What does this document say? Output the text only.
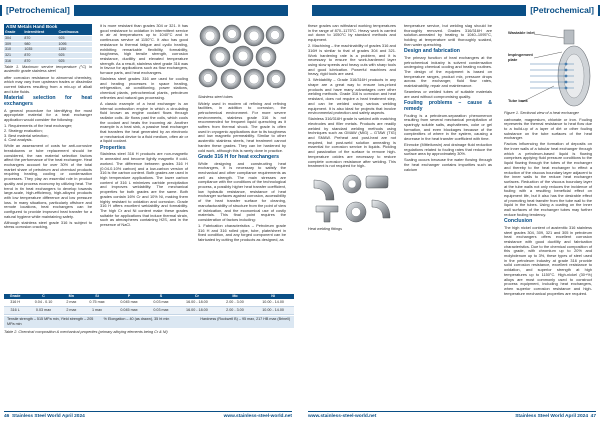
[Petrochemical]
ASM Metals Hand Book
Grade	Intermittent	Continuous
304	870	925
309	980	1095
310	1035	1150
321	870	925
316	870	925
Table 1. Maximum service temperature (°C) in austenitic grade stainless steel

offer corrosion resistance to abnormal chemistry, which may vary from upstream trades or dissimilar current failures resulting from a mix-up of alkali and lube fluids.

Material selection for heat exchangers

A general procedure for identifying the most appropriate material for a heat exchanger application would consider the following:

1. Requirements of the heat exchanger;

2. Strategy evaluation;

3. Best material selection;

4. Cost analysis.

While an assessment of costs for anti-corrosive breakdowns or tube replacement should be considered, the raw material selection factors affect the performance of the heat exchanger. Heat exchangers account for over 30% of the total market share of petroleum and chemical products requiring heating, cooling or condensation processes. They play an essential role in product quality and process economy by utilizing heat. The trend in tin heat exchangers to develop towards large-scale, high-efficiency, high-alloyed products with low temperature difference and low pressure loss. In many situations, particularly offshore and remote locations, heat exchangers can be configured to provide improved heat transfer for a natural hygiene while maintaining safety.

Although stainless steel grade 316 is subject to stress corrosion cracking,

it is more resistant than grades 304 or 321. It has good resistance to oxidation in intermittent service in air at temperatures up to 1040°C and in continuous service at 1150°C. It also has good resistance to thermal fatigue and cyclic heating, exhibiting remarkable flexibility, formability, toughness, high tensile strength, corrosion resistance, ductility and elevated temperature strength. As a result, stainless steel grade 316 was in favour for applications such as flow exchangers, furnace parts, and heat exchangers.

Stainless steel grades 316 are used for cooling and heating processes in space heating, refrigeration, air conditioning, power stations, chemical plants, petrochemical plants, petroleum refineries and natural gas processing.

A classic example of a heat exchanger is an internal combustion engine in which a circulating fluid known as engine coolant flows through radiator coils. Air flows past the coils, which cools the coolant and heats the incoming air. Another example is a heat sink, a passive heat exchanger that transfers the heat generated by an electronic or mechanical device to a fluid medium, often air or a liquid coolant.

Properties

Stainless steel 316 H products are non-magnetic in annealed and become lightly magnetic if cold-worked. The difference between grades 316 H (0.04-0.10% carbon) and a low-carbon version of 316 is the carbon content. Both grades are used in high temperature applications. The lower carbon content of 316 L minimizes carbide precipitation and improves weldability. The mechanical properties for both grades are the same. Both grades contain 16% Cr and 10% Ni, making them highly resistant to oxidation and corrosion. Grade 316 H offers excellent weldability and formability. The high Cr and Ni content make these grades suitable for applications that induce thermal strain, such as atmospheres containing H2S, and in the presence of NaCl.

Stainless steel tubes

Widely used in modern oil refining and refining facilities, in addition to corrosion, the petrochemical environment. For more severe environments, stainless grade 316 is not recommended for frequent liquid quenching as it suffers from thermal shock. The grade is often used in cryogenic applications due to its toughness and low magnetic permeability. Similar to other austenitic stainless steels, heat treatment cannot harden these grades. They can be hardened by cold work, although this is rarely done in practice.

Grade 316 H for heat exchangers

While designing and constructing heat exchangers, it is necessary to satisfy the mechanical and other compliance requirements as well as strength. The main stresses are compliance with the conditions of the technological process, a possibly higher heat transfer coefficient, low hydraulic resistance, resistance of heat exchanger surfaces against corrosion, accessibility of the heat transfer surface for cleaning, manufacturability of structure from the point of view of fabrication, and the economical use of costly materials. This final point requires the consideration of factors including:

1. Fabrication characteristics – Petroleum grade 316 H and 316 rolled pipe, tube, plate/sheet in fixed condition, and any forged component can be fabricated by cutting the products as designed, as

Grade	C	Mn	Si	P	S	Cr	Mo	Ni
316 H	0.04 - 0.10	2 max	0.75 max	0.045 max	0.03 max	16.00 - 18.00	2.00 - 3.00	10.00 - 14.00
316 L	0.03 max	2 max	1 max	0.045 max	0.03 max	16.00 - 18.00	2.00 - 3.00	10.00 - 14.00
Tensile strength – 515 MPa min, Yield strength – 205 MPa min
% Elongation – 40 (as drawn), 35 ht min	Hardness (Rockwell B) – 95 max, 217 HB max (Brinell)
Table 2. Chemical composition & mechanical properties (primary alloying elements being Cr & Ni)
46 Stainless Steel World April 2024	www.stainless-steel-world.net
[Petrochemical]

these grades can withstand working temperatures in the range of 870–1175°C. Heavy work is carried out down to 1050°C by standard methods and equipment.

2. Machining – the machinability of grades 316 and 316H is similar to that of grades 304 and 321. Work hardening rate is a problem, and it is necessary to ensure the work-hardened layer using slow speeds and heavy cuts with sharp tools and good lubrication. Powerful machines and heavy, rigid tools are used.

3. Weldability – Grade 316/316H products in any shape are a great way to ensure low-priced products and have many advantages over other welding methods. Grade 316 is corrosion and heat resistant, does not require a heat treatment step, and can be welded using various welding equipment. It is also ideal for projects that involve environmental protection and safety aspects.

Stainless 316/316H grade is welded with matching electrodes and filler metals. Products are readily welded by standard welding methods using techniques such as GMAW (MIG) – GTAW (TIG) and SMAW. Preheat and post-heat are not required, but post-weld solution annealing is essential for corrosion service in liquids. Pickling and passivation of the surface to remove high-temperature oxides are necessary to restore complete corrosion resistance after welding. This treatment is not required for high-

Heat welding fittings

temperature service, but welding slag should be thoroughly removed. Grades 316/316H are solution-annealed by heating to 1040–1095°C, holding at temperature until thoroughly soaked, then water quenching.

Design and fabrication

The primary function of heat exchangers at the petrochemical industry is solvent condensation undergoing chemical cooling and heating routines. The design of the equipment is based on temperature ranges, product mix, pressure drops across the exchanger, fluid flow rates, maintainability, repair and maintenance.

Seamless or welded tubes of suitable materials are used without compromising quality.

Fouling problems – cause & remedy

Fouling is a petroleum-separation phenomenon resulting from several mechanical precipitation of sparingly soluble salts, asphaltenes, coke or gel formation, and even blockages because of the complexities of where in the system, causing a decrease in the heat transfer coefficient with time.

Einmcke (Mitteilunsln) and drainage fluid reduction regulations related to fouling rates that reduce the surface area by approximately 30%.

Scaling occurs because the water flowing through the heat exchanger contains impurities such as calcium

Wastable inlet
Impingement plate
Tube bank
Figure 1. Sectional view of a heat exchanger

carbonate, magnesium, chloride or iron. Fouling represents the thermal resistance to heat flow due to a build-up of a layer of dirt or other fouling substance on the tube surfaces of the heat exchanger.

Factors influencing the formation of deposits on the inner walls of a tubular heat exchanger through which a petroleum-based liquid is flowing comprises applying fluid pressure conditions to the liquid flowing through the tubes of the exchanger and thereby to the heat exchanger to effect a reduction of the viscous boundary layer adjacent to the inner walls to the reduce heat exchanger surfaces. Reduction of the viscous boundary layer at the tube walls not only reduces the incidence of fouling with a resulting beneficial effect on equipment life, but it also has the desirable effect of promoting heat transfer from the tube wall to the liquid in the tubes. Using a coating on the inner wall surfaces of the exchanger tubes may further reduce fouling tendency.

Conclusion

The high nickel content of austenitic 316 stainless steel grades 304, 309, 321 and 305 in petroleum heat exchangers offers excellent corrosion resistance with good ductility and fabrication characteristics. Due to the chemical composition of this grade, with chromium up to 20% and molybdenum up to 3%, these types of steel used in the petroleum industry at grade 316 provide solid corrosion resistance, excellent resistance to oxidation, and superior strength at high temperatures up to 1150°C. High-nickel (30+%) alloys are most commonly used to construct process equipment, including heat exchangers, when superior corrosion resistance and high-temperature mechanical properties are required.

www.stainless-steel-world.net	Stainless Steel World April 2024 47
